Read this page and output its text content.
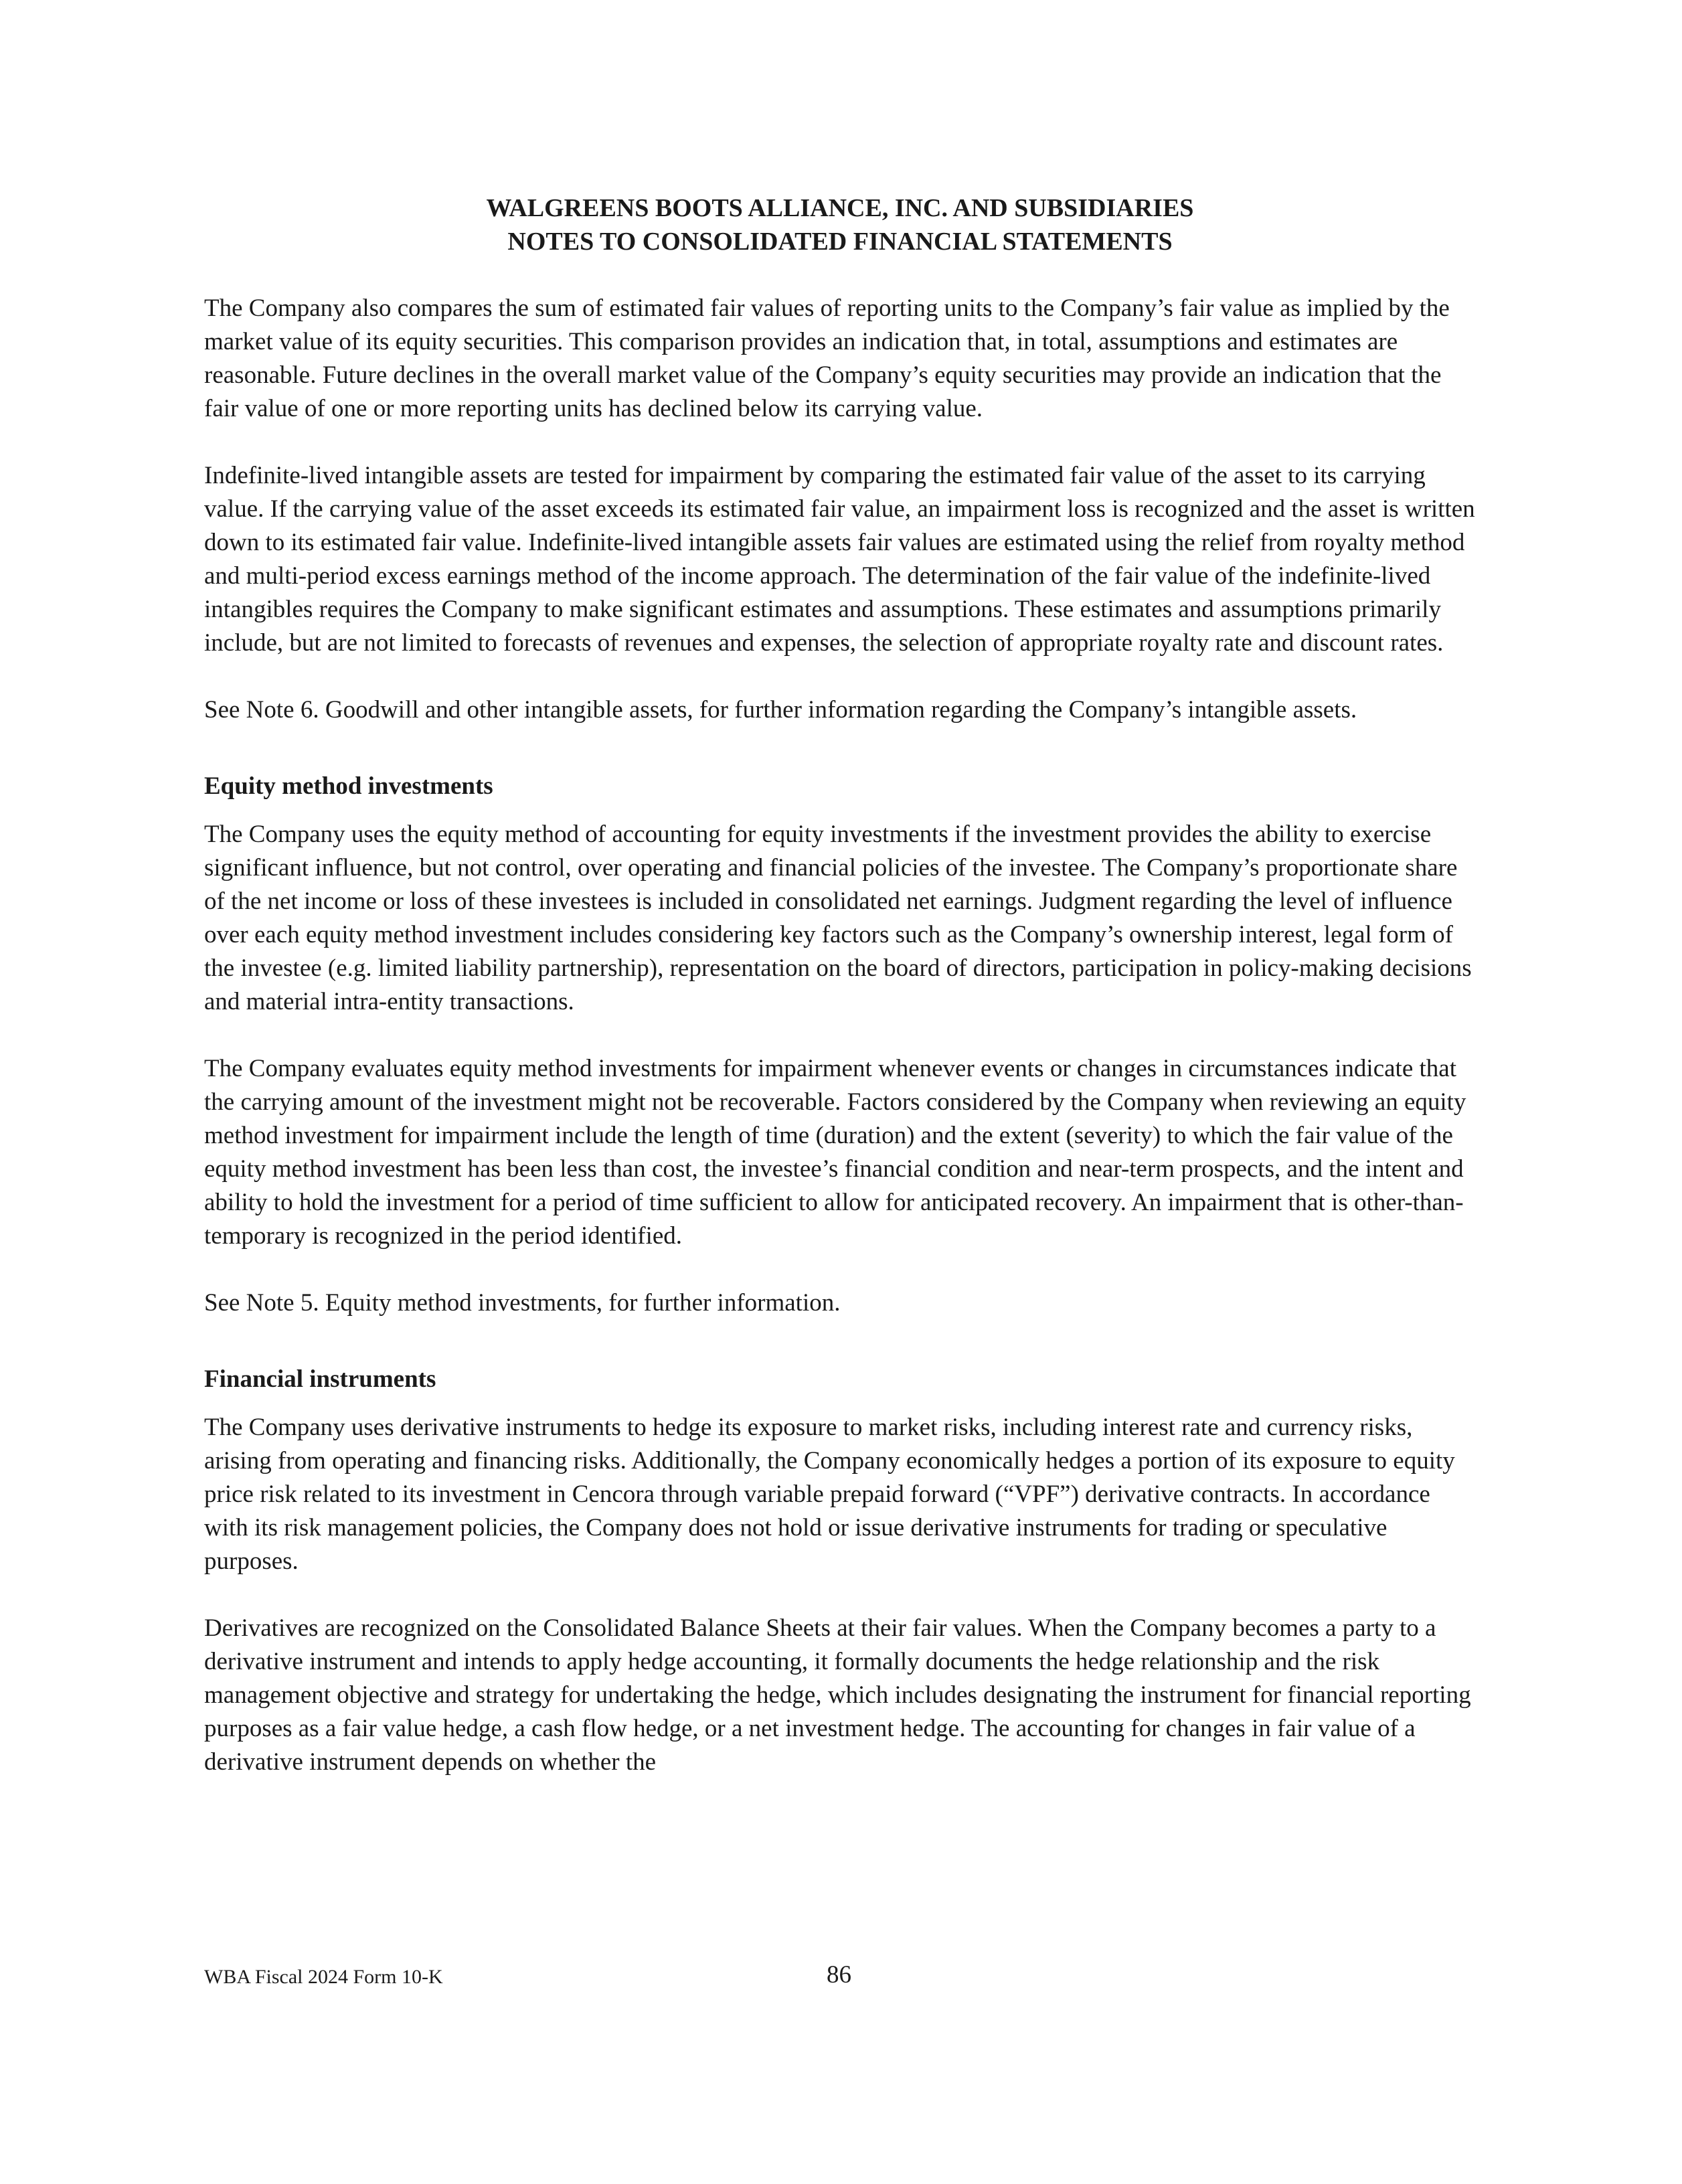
WALGREENS BOOTS ALLIANCE, INC. AND SUBSIDIARIES
NOTES TO CONSOLIDATED FINANCIAL STATEMENTS

The Company also compares the sum of estimated fair values of reporting units to the Company’s fair value as implied by the market value of its equity securities. This comparison provides an indication that, in total, assumptions and estimates are reasonable. Future declines in the overall market value of the Company’s equity securities may provide an indication that the fair value of one or more reporting units has declined below its carrying value.

Indefinite-lived intangible assets are tested for impairment by comparing the estimated fair value of the asset to its carrying value. If the carrying value of the asset exceeds its estimated fair value, an impairment loss is recognized and the asset is written down to its estimated fair value. Indefinite-lived intangible assets fair values are estimated using the relief from royalty method and multi-period excess earnings method of the income approach. The determination of the fair value of the indefinite-lived intangibles requires the Company to make significant estimates and assumptions. These estimates and assumptions primarily include, but are not limited to forecasts of revenues and expenses, the selection of appropriate royalty rate and discount rates.

See Note 6. Goodwill and other intangible assets, for further information regarding the Company’s intangible assets.

Equity method investments

The Company uses the equity method of accounting for equity investments if the investment provides the ability to exercise significant influence, but not control, over operating and financial policies of the investee. The Company’s proportionate share of the net income or loss of these investees is included in consolidated net earnings. Judgment regarding the level of influence over each equity method investment includes considering key factors such as the Company’s ownership interest, legal form of the investee (e.g. limited liability partnership), representation on the board of directors, participation in policy-making decisions and material intra-entity transactions.

The Company evaluates equity method investments for impairment whenever events or changes in circumstances indicate that the carrying amount of the investment might not be recoverable. Factors considered by the Company when reviewing an equity method investment for impairment include the length of time (duration) and the extent (severity) to which the fair value of the equity method investment has been less than cost, the investee’s financial condition and near-term prospects, and the intent and ability to hold the investment for a period of time sufficient to allow for anticipated recovery. An impairment that is other-than-temporary is recognized in the period identified.

See Note 5. Equity method investments, for further information.

Financial instruments

The Company uses derivative instruments to hedge its exposure to market risks, including interest rate and currency risks, arising from operating and financing risks. Additionally, the Company economically hedges a portion of its exposure to equity price risk related to its investment in Cencora through variable prepaid forward (“VPF”) derivative contracts. In accordance with its risk management policies, the Company does not hold or issue derivative instruments for trading or speculative purposes.

Derivatives are recognized on the Consolidated Balance Sheets at their fair values. When the Company becomes a party to a derivative instrument and intends to apply hedge accounting, it formally documents the hedge relationship and the risk management objective and strategy for undertaking the hedge, which includes designating the instrument for financial reporting purposes as a fair value hedge, a cash flow hedge, or a net investment hedge. The accounting for changes in fair value of a derivative instrument depends on whether the

WBA Fiscal 2024 Form 10-K	86
